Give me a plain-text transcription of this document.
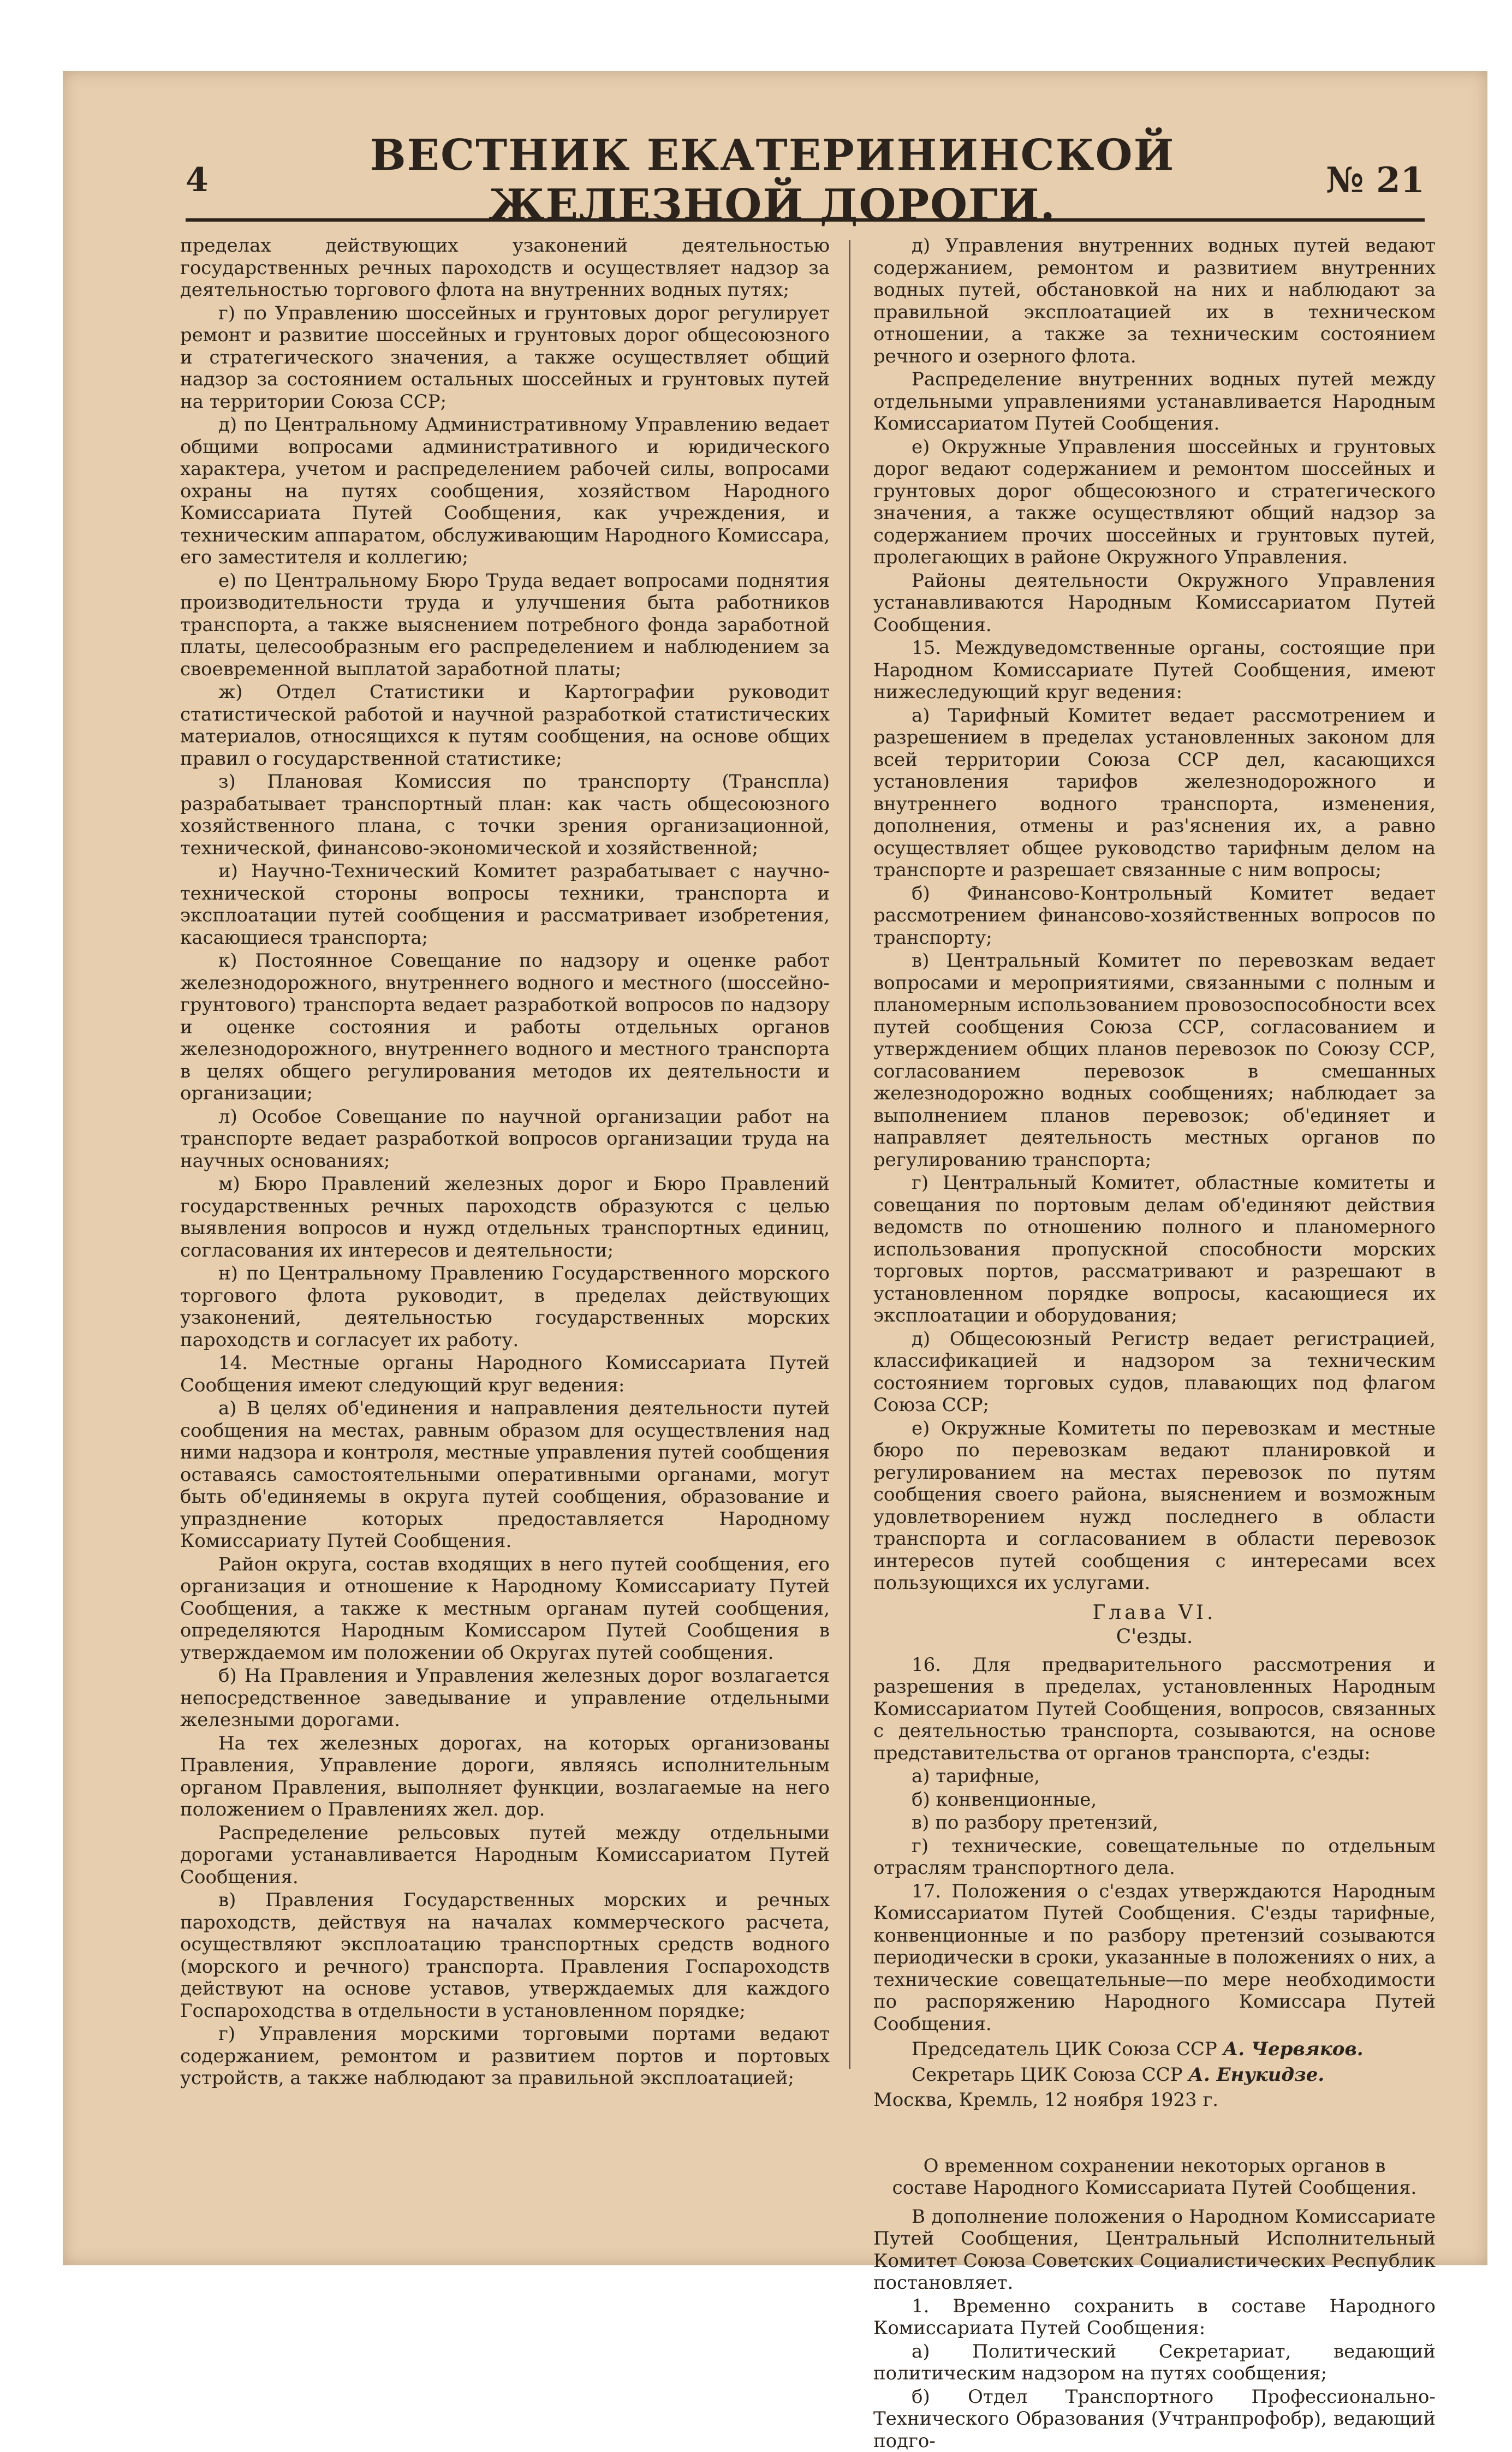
4	ВЕСТНИК ЕКАТЕРИНИНСКОЙ ЖЕЛЕЗНОЙ ДОРОГИ.	№ 21

пределах действующих узаконений деятельностью государственных речных пароходств и осуществляет надзор за деятельностью торгового флота на внутренних водных путях;

г) по Управлению шоссейных и грунтовых дорог регулирует ремонт и развитие шоссейных и грунтовых дорог общесоюзного и стратегического значения, а также осуществляет общий надзор за состоянием остальных шоссейных и грунтовых путей на территории Союза ССР;

д) по Центральному Административному Управлению ведает общими вопросами административного и юридического характера, учетом и распределением рабочей силы, вопросами охраны на путях сообщения, хозяйством Народного Комиссариата Путей Сообщения, как учреждения, и техническим аппаратом, обслуживающим Народного Комиссара, его заместителя и коллегию;

е) по Центральному Бюро Труда ведает вопросами поднятия производительности труда и улучшения быта работников транспорта, а также выяснением потребного фонда заработной платы, целесообразным его распределением и наблюдением за своевременной выплатой заработной платы;

ж) Отдел Статистики и Картографии руководит статистической работой и научной разработкой статистических материалов, относящихся к путям сообщения, на основе общих правил о государственной статистике;

з) Плановая Комиссия по транспорту (Транспла) разрабатывает транспортный план: как часть общесоюзного хозяйственного плана, с точки зрения организационной, технической, финансово-экономической и хозяйственной;

и) Научно-Технический Комитет разрабатывает с научно-технической стороны вопросы техники, транспорта и эксплоатации путей сообщения и рассматривает изобретения, касающиеся транспорта;

к) Постоянное Совещание по надзору и оценке работ железнодорожного, внутреннего водного и местного (шоссейно-грунтового) транспорта ведает разработкой вопросов по надзору и оценке состояния и работы отдельных органов железнодорожного, внутреннего водного и местного транспорта в целях общего регулирования методов их деятельности и организации;

л) Особое Совещание по научной организации работ на транспорте ведает разработкой вопросов организации труда на научных основаниях;

м) Бюро Правлений железных дорог и Бюро Правлений государственных речных пароходств образуются с целью выявления вопросов и нужд отдельных транспортных единиц, согласования их интересов и деятельности;

н) по Центральному Правлению Государственного морского торгового флота руководит, в пределах действующих узаконений, деятельностью государственных морских пароходств и согласует их работу.

14. Местные органы Народного Комиссариата Путей Сообщения имеют следующий круг ведения:

а) В целях об'единения и направления деятельности путей сообщения на местах, равным образом для осуществления над ними надзора и контроля, местные управления путей сообщения оставаясь самостоятельными оперативными органами, могут быть об'единяемы в округа путей сообщения, образование и упразднение которых предоставляется Народному Комиссариату Путей Сообщения.

Район округа, состав входящих в него путей сообщения, его организация и отношение к Народному Комиссариату Путей Сообщения, а также к местным органам путей сообщения, определяются Народным Комиссаром Путей Сообщения в утверждаемом им положении об Округах путей сообщения.

б) На Правления и Управления железных дорог возлагается непосредственное заведывание и управление отдельными железными дорогами.

На тех железных дорогах, на которых организованы Правления, Управление дороги, являясь исполнительным органом Правления, выполняет функции, возлагаемые на него положением о Правлениях жел. дор.

Распределение рельсовых путей между отдельными дорогами устанавливается Народным Комиссариатом Путей Сообщения.

в) Правления Государственных морских и речных пароходств, действуя на началах коммерческого расчета, осуществляют эксплоатацию транспортных средств водного (морского и речного) транспорта. Правления Госпароходств действуют на основе уставов, утверждаемых для каждого Госпароходства в отдельности в установленном порядке;

г) Управления морскими торговыми портами ведают содержанием, ремонтом и развитием портов и портовых устройств, а также наблюдают за правильной эксплоатацией;

д) Управления внутренних водных путей ведают содержанием, ремонтом и развитием внутренних водных путей, обстановкой на них и наблюдают за правильной эксплоатацией их в техническом отношении, а также за техническим состоянием речного и озерного флота.

Распределение внутренних водных путей между отдельными управлениями устанавливается Народным Комиссариатом Путей Сообщения.

е) Окружные Управления шоссейных и грунтовых дорог ведают содержанием и ремонтом шоссейных и грунтовых дорог общесоюзного и стратегического значения, а также осуществляют общий надзор за содержанием прочих шоссейных и грунтовых путей, пролегающих в районе Окружного Управления.

Районы деятельности Окружного Управления устанавливаются Народным Комиссариатом Путей Сообщения.

15. Междуведомственные органы, состоящие при Народном Комиссариате Путей Сообщения, имеют нижеследующий круг ведения:

а) Тарифный Комитет ведает рассмотрением и разрешением в пределах установленных законом для всей территории Союза ССР дел, касающихся установления тарифов железнодорожного и внутреннего водного транспорта, изменения, дополнения, отмены и раз'яснения их, а равно осуществляет общее руководство тарифным делом на транспорте и разрешает связанные с ним вопросы;

б) Финансово-Контрольный Комитет ведает рассмотрением финансово-хозяйственных вопросов по транспорту;

в) Центральный Комитет по перевозкам ведает вопросами и мероприятиями, связанными с полным и планомерным использованием провозоспособности всех путей сообщения Союза ССР, согласованием и утверждением общих планов перевозок по Союзу ССР, согласованием перевозок в смешанных железнодорожно водных сообщениях; наблюдает за выполнением планов перевозок; об'единяет и направляет деятельность местных органов по регулированию транспорта;

г) Центральный Комитет, областные комитеты и совещания по портовым делам об'единяют действия ведомств по отношению полного и планомерного использования пропускной способности морских торговых портов, рассматривают и разрешают в установленном порядке вопросы, касающиеся их эксплоатации и оборудования;

д) Общесоюзный Регистр ведает регистрацией, классификацией и надзором за техническим состоянием торговых судов, плавающих под флагом Союза ССР;

е) Окружные Комитеты по перевозкам и местные бюро по перевозкам ведают планировкой и регулированием на местах перевозок по путям сообщения своего района, выяснением и возможным удовлетворением нужд последнего в области транспорта и согласованием в области перевозок интересов путей сообщения с интересами всех пользующихся их услугами.

Глава VI.

С'езды.

16. Для предварительного рассмотрения и разрешения в пределах, установленных Народным Комиссариатом Путей Сообщения, вопросов, связанных с деятельностью транспорта, созываются, на основе представительства от органов транспорта, с'езды:

а) тарифные,

б) конвенционные,

в) по разбору претензий,

г) технические, совещательные по отдельным отраслям транспортного дела.

17. Положения о с'ездах утверждаются Народным Комиссариатом Путей Сообщения. С'езды тарифные, конвенционные и по разбору претензий созываются периодически в сроки, указанные в положениях о них, а технические совещательные—по мере необходимости по распоряжению Народного Комиссара Путей Сообщения.

Председатель ЦИК Союза ССР А. Червяков.

Секретарь ЦИК Союза ССР А. Енукидзе.

Москва, Кремль, 12 ноября 1923 г.

О временном сохранении некоторых органов в составе Народного Комиссариата Путей Сообщения.

В дополнение положения о Народном Комиссариате Путей Сообщения, Центральный Исполнительный Комитет Союза Советских Социалистических Республик постановляет.

1. Временно сохранить в составе Народного Комиссариата Путей Сообщения:

а) Политический Секретариат, ведающий политическим надзором на путях сообщения;

б) Отдел Транспортного Профессионально-Технического Образования (Учтранпрофобр), ведающий подго-
